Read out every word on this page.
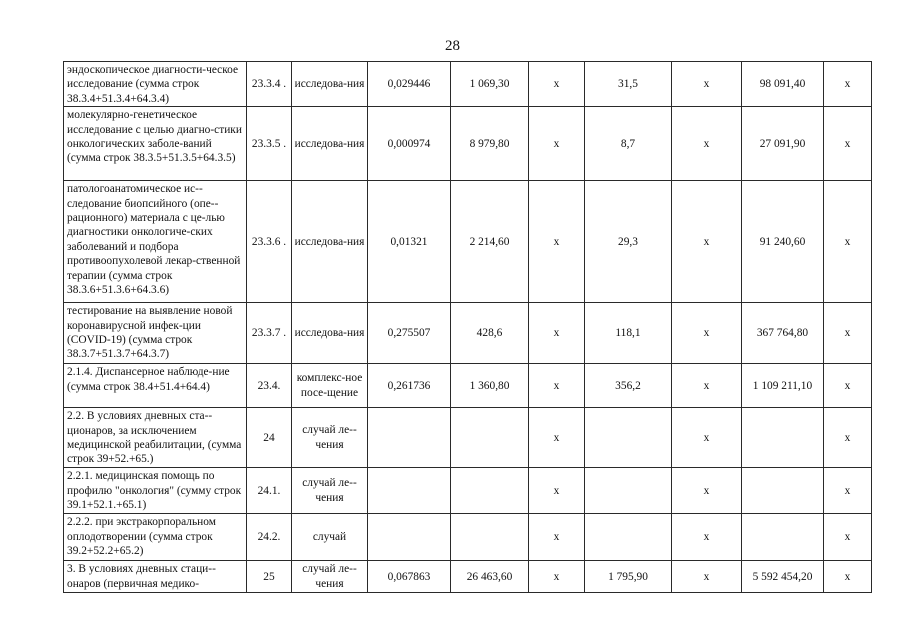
28
эндоскопическое диагности-ческое исследование (сумма строк 38.3.4+51.3.4+64.3.4)	23.3.4 .	исследова-ния	0,029446	1 069,30	х	31,5	х	98 091,40	х
молекулярно-генетическое исследование с целью диагно-стики онкологических заболе-ваний (сумма строк 38.3.5+51.3.5+64.3.5)	23.3.5 .	исследова-ния	0,000974	8 979,80	х	8,7	х	27 091,90	х
патологоанатомическое ис-следование биопсийного (опе-рационного) материала с це-лью диагностики онкологиче-ских заболеваний и подбора противоопухолевой лекар-ственной терапии (сумма строк 38.3.6+51.3.6+64.3.6)	23.3.6 .	исследова-ния	0,01321	2 214,60	х	29,3	х	91 240,60	х
тестирование на выявление новой коронавирусной инфек-ции (COVID-19) (сумма строк 38.3.7+51.3.7+64.3.7)	23.3.7 .	исследова-ния	0,275507	428,6	х	118,1	х	367 764,80	х
2.1.4. Диспансерное наблюде-ние (сумма строк 38.4+51.4+64.4)	23.4.	комплекс-ное посе-щение	0,261736	1 360,80	х	356,2	х	1 109 211,10	х
2.2. В условиях дневных ста-ционаров, за исключением медицинской реабилитации, (сумма строк 39+52.+65.)	24	случай ле-чения			х		х		х
2.2.1. медицинская помощь по профилю "онкология" (сумму строк 39.1+52.1.+65.1)	24.1.	случай ле-чения			х		х		х
2.2.2. при экстракорпоральном оплодотворении (сумма строк 39.2+52.2+65.2)	24.2.	случай			х		х		х
3. В условиях дневных стаци-онаров (первичная медико-	25	случай ле-чения	0,067863	26 463,60	х	1 795,90	х	5 592 454,20	х
